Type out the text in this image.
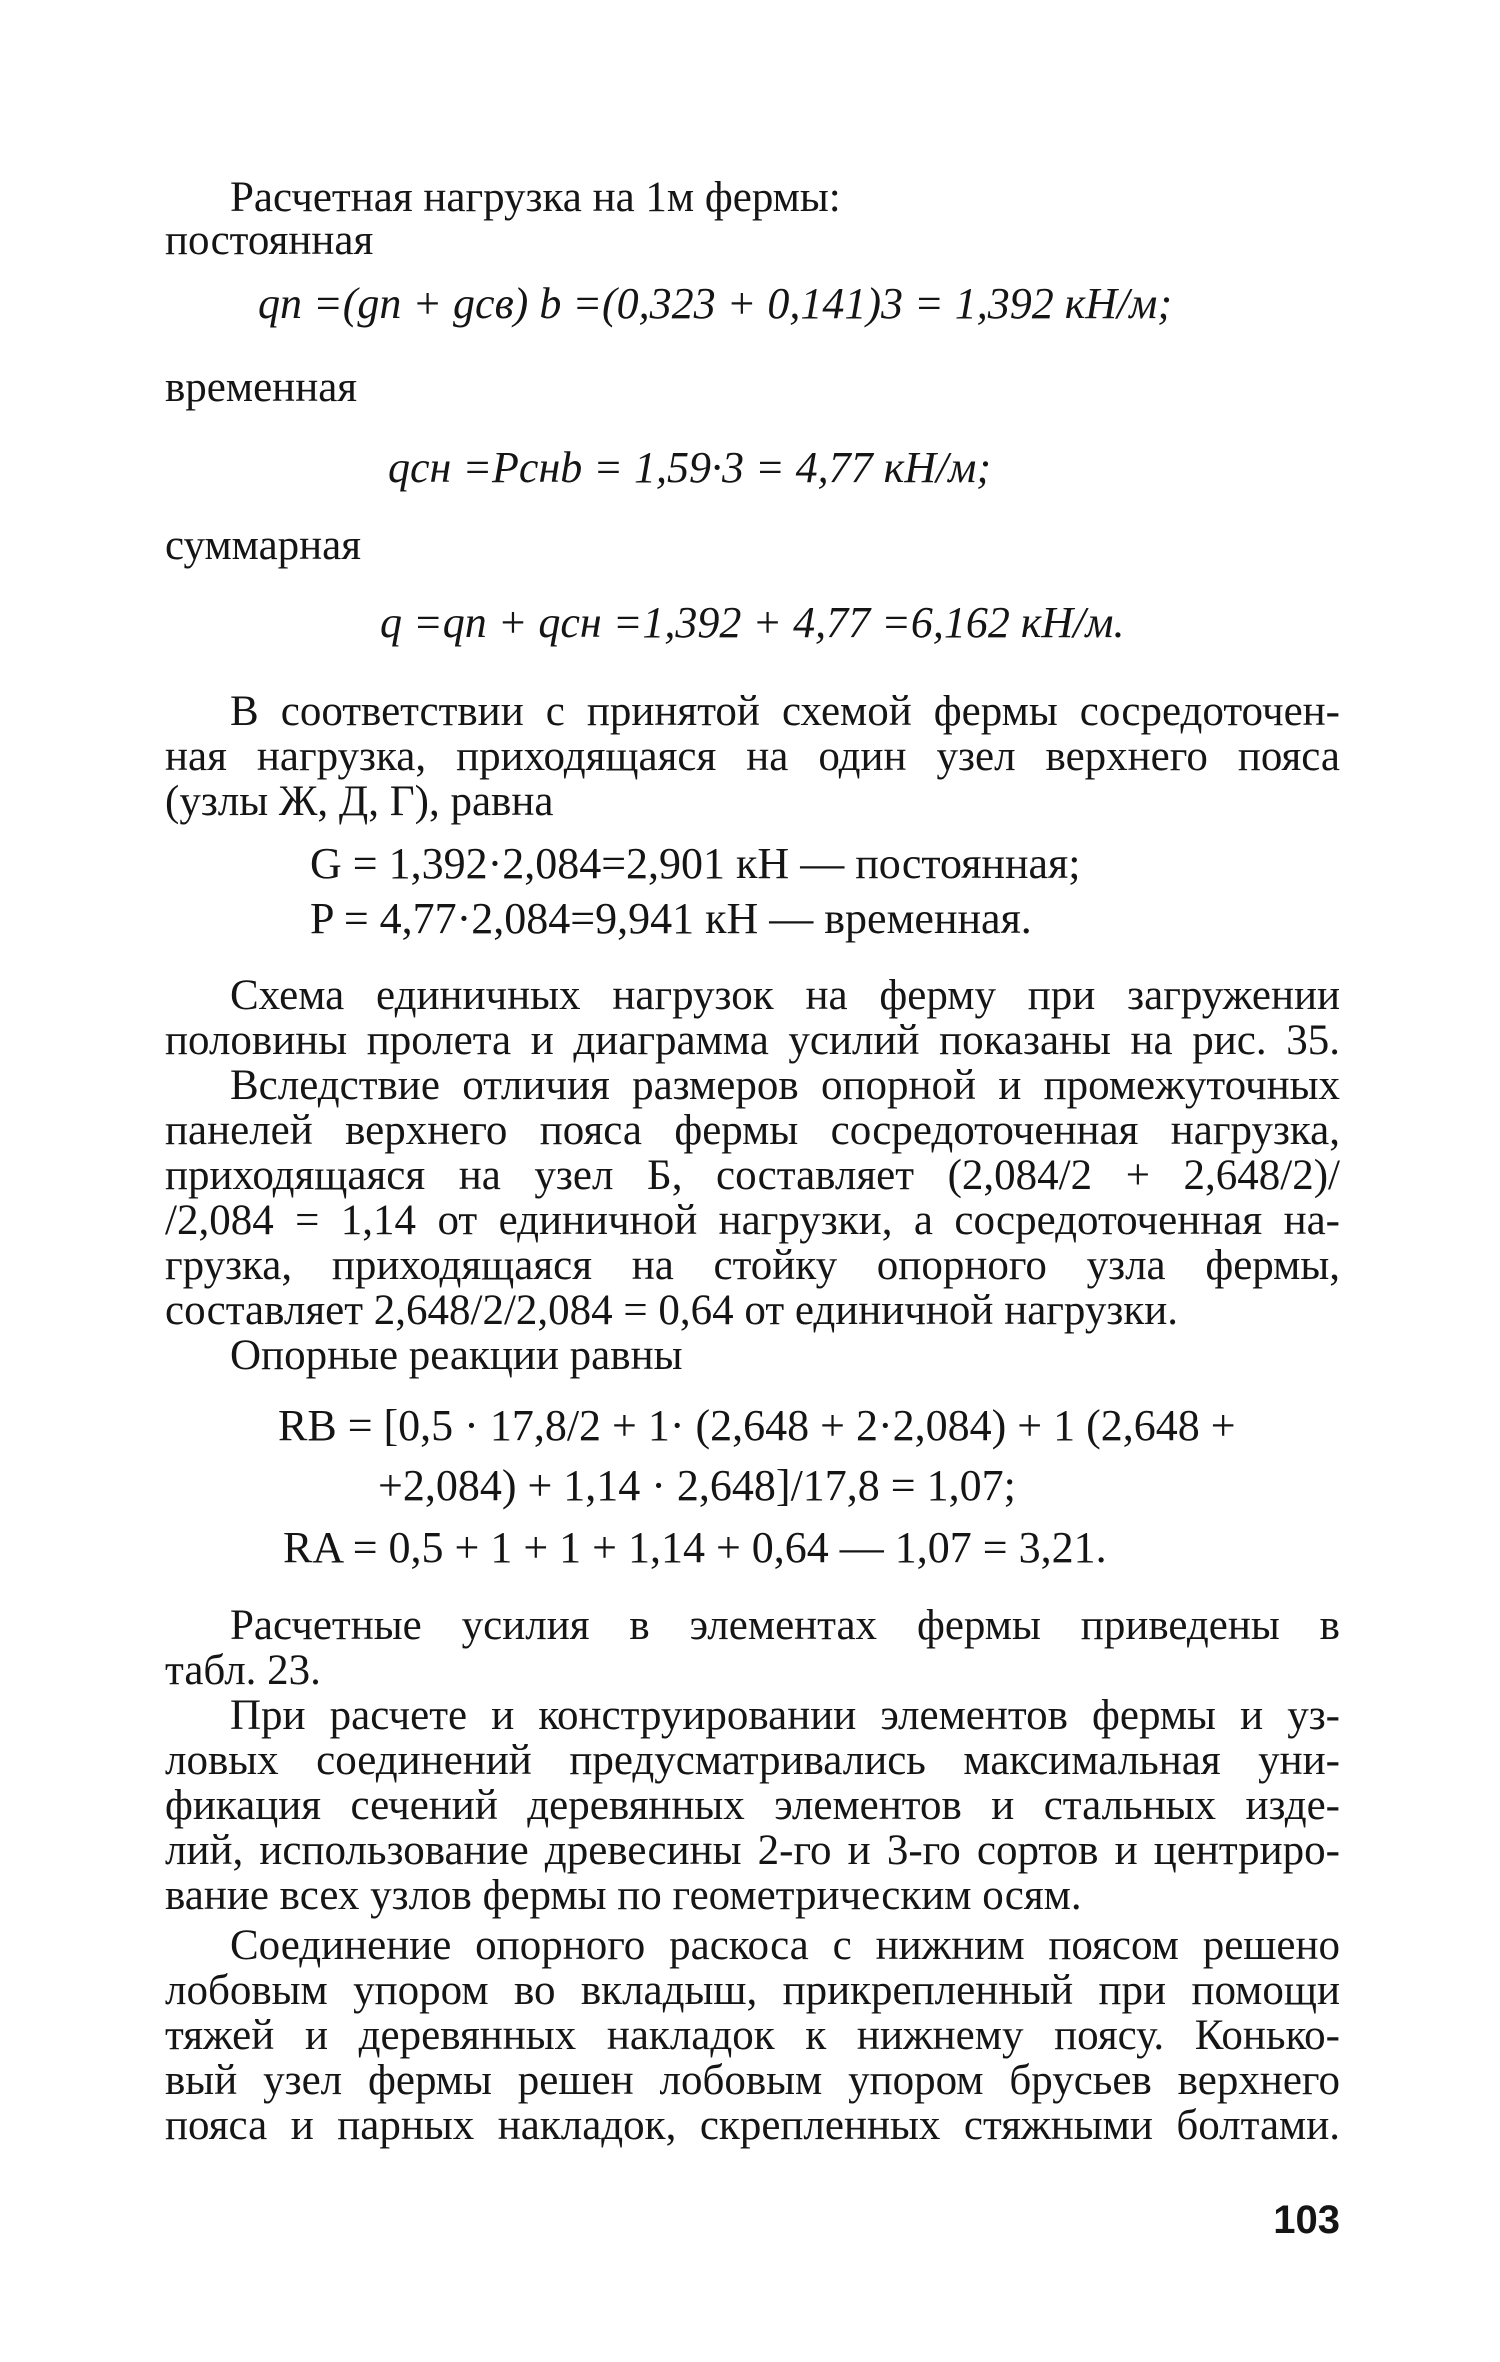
Расчетная нагрузка на 1м фермы:
постоянная
qп =(gп + gсв) b =(0,323 + 0,141)3 = 1,392 кН/м;
временная
qсн =Pснb = 1,59·3 = 4,77 кН/м;
суммарная
q =qп + qсн =1,392 + 4,77 =6,162 кН/м.
В соответствии с принятой схемой фермы сосредоточен-
ная нагрузка, приходящаяся на один узел верхнего пояса
(узлы Ж, Д, Г), равна
G = 1,392·2,084=2,901 кН — постоянная;
P = 4,77·2,084=9,941 кН — временная.
Схема единичных нагрузок на ферму при загружении
половины пролета и диаграмма усилий показаны на рис. 35.
Вследствие отличия размеров опорной и промежуточных
панелей верхнего пояса фермы сосредоточенная нагрузка,
приходящаяся на узел Б, составляет (2,084/2 + 2,648/2)/
/2,084 = 1,14 от единичной нагрузки, а сосредоточенная на-
грузка, приходящаяся на стойку опорного узла фермы,
составляет 2,648/2/2,084 = 0,64 от единичной нагрузки.
Опорные реакции равны
RB = [0,5 · 17,8/2 + 1· (2,648 + 2·2,084) + 1 (2,648 +
+2,084) + 1,14 · 2,648]/17,8 = 1,07;
RA = 0,5 + 1 + 1 + 1,14 + 0,64 — 1,07 = 3,21.
Расчетные усилия в элементах фермы приведены в
табл. 23.
При расчете и конструировании элементов фермы и уз-
ловых соединений предусматривались максимальная уни-
фикация сечений деревянных элементов и стальных изде-
лий, использование древесины 2-го и 3-го сортов и центриро-
вание всех узлов фермы по геометрическим осям.
Соединение опорного раскоса с нижним поясом решено
лобовым упором во вкладыш, прикрепленный при помощи
тяжей и деревянных накладок к нижнему поясу. Конько-
вый узел фермы решен лобовым упором брусьев верхнего
пояса и парных накладок, скрепленных стяжными болтами.
103
